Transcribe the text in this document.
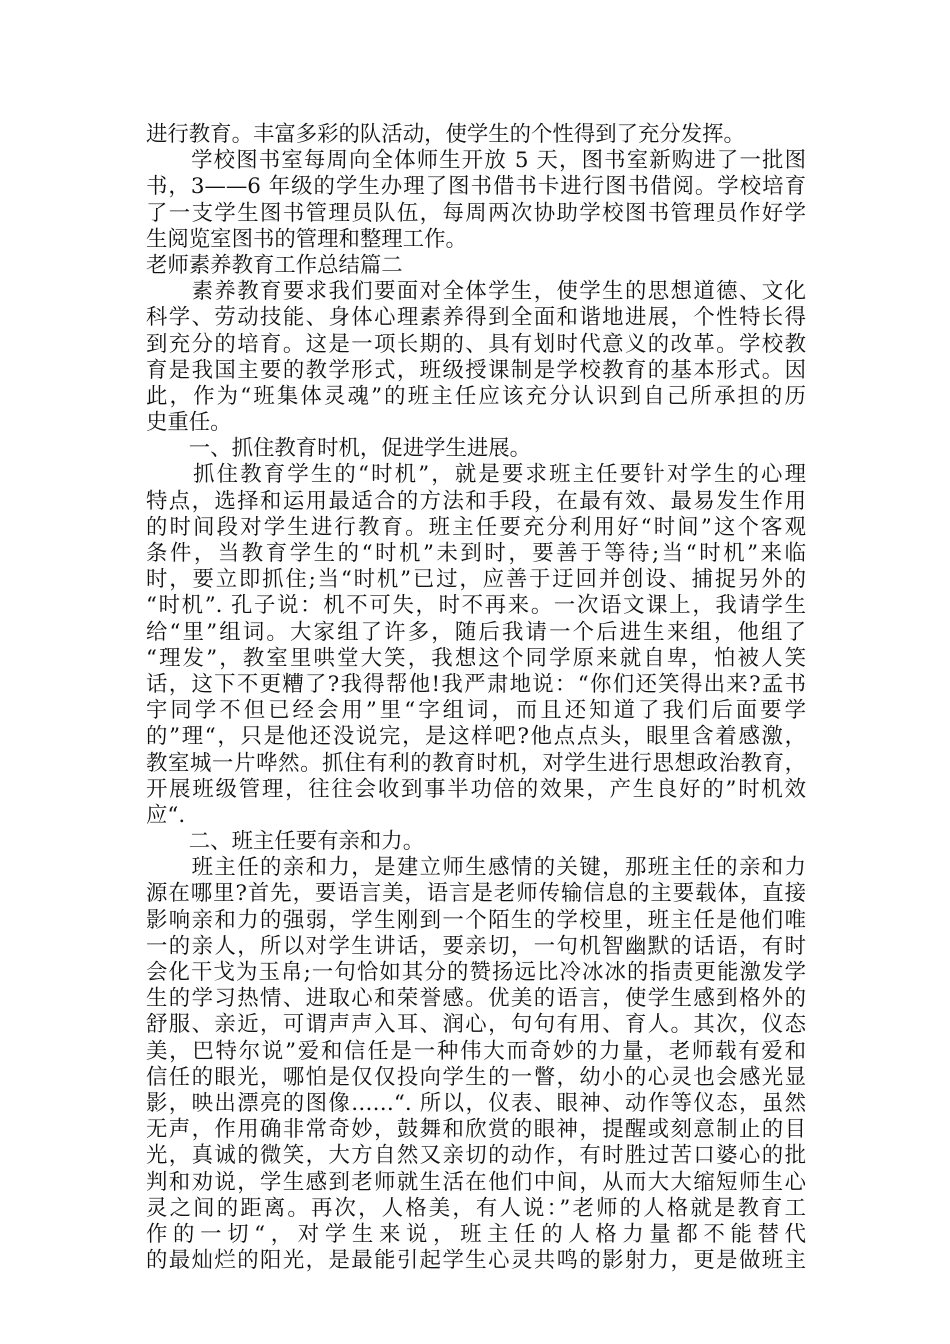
进行教育。丰富多彩的队活动，使学生的个性得到了充分发挥。
　　学校图书室每周向全体师生开放 5 天，图书室新购进了一批图
书，3——6 年级的学生办理了图书借书卡进行图书借阅。学校培育
了一支学生图书管理员队伍，每周两次协助学校图书管理员作好学
生阅览室图书的管理和整理工作。
老师素养教育工作总结篇二
　　素养教育要求我们要面对全体学生，使学生的思想道德、文化
科学、劳动技能、身体心理素养得到全面和谐地进展，个性特长得
到充分的培育。这是一项长期的、具有划时代意义的改革。学校教
育是我国主要的教学形式，班级授课制是学校教育的基本形式。因
此，作为“班集体灵魂”的班主任应该充分认识到自己所承担的历
史重任。
　　一、抓住教育时机，促进学生进展。
　　抓住教育学生的“时机”，就是要求班主任要针对学生的心理
特点，选择和运用最适合的方法和手段，在最有效、最易发生作用
的时间段对学生进行教育。班主任要充分利用好“时间”这个客观
条件，当教育学生的“时机”未到时，要善于等待;当“时机”来临
时，要立即抓住;当“时机”已过，应善于迂回并创设、捕捉另外的
“时机”. 孔子说：机不可失，时不再来。一次语文课上，我请学生
给“里”组词。大家组了许多，随后我请一个后进生来组，他组了
“理发”，教室里哄堂大笑，我想这个同学原来就自卑，怕被人笑
话，这下不更糟了?我得帮他!我严肃地说：“你们还笑得出来?孟书
宇同学不但已经会用”里“字组词，而且还知道了我们后面要学
的”理“，只是他还没说完，是这样吧?他点点头，眼里含着感激，
教室城一片哗然。抓住有利的教育时机，对学生进行思想政治教育，
开展班级管理，往往会收到事半功倍的效果，产生良好的”时机效
应“.
　　二、班主任要有亲和力。
　　班主任的亲和力，是建立师生感情的关键，那班主任的亲和力
源在哪里?首先，要语言美，语言是老师传输信息的主要载体，直接
影响亲和力的强弱，学生刚到一个陌生的学校里，班主任是他们唯
一的亲人，所以对学生讲话，要亲切，一句机智幽默的话语，有时
会化干戈为玉帛;一句恰如其分的赞扬远比冷冰冰的指责更能激发学
生的学习热情、进取心和荣誉感。优美的语言，使学生感到格外的
舒服、亲近，可谓声声入耳、润心，句句有用、育人。其次，仪态
美，巴特尔说”爱和信任是一种伟大而奇妙的力量，老师载有爱和
信任的眼光，哪怕是仅仅投向学生的一瞥，幼小的心灵也会感光显
影，映出漂亮的图像……“. 所以，仪表、眼神、动作等仪态，虽然
无声，作用确非常奇妙，鼓舞和欣赏的眼神，提醒或刻意制止的目
光，真诚的微笑，大方自然又亲切的动作，有时胜过苦口婆心的批
判和劝说，学生感到老师就生活在他们中间，从而大大缩短师生心
灵之间的距离。再次，人格美，有人说：”老师的人格就是教育工
作的一切“，对学生来说，班主任的人格力量都不能替代
的最灿烂的阳光，是最能引起学生心灵共鸣的影射力，更是做班主
